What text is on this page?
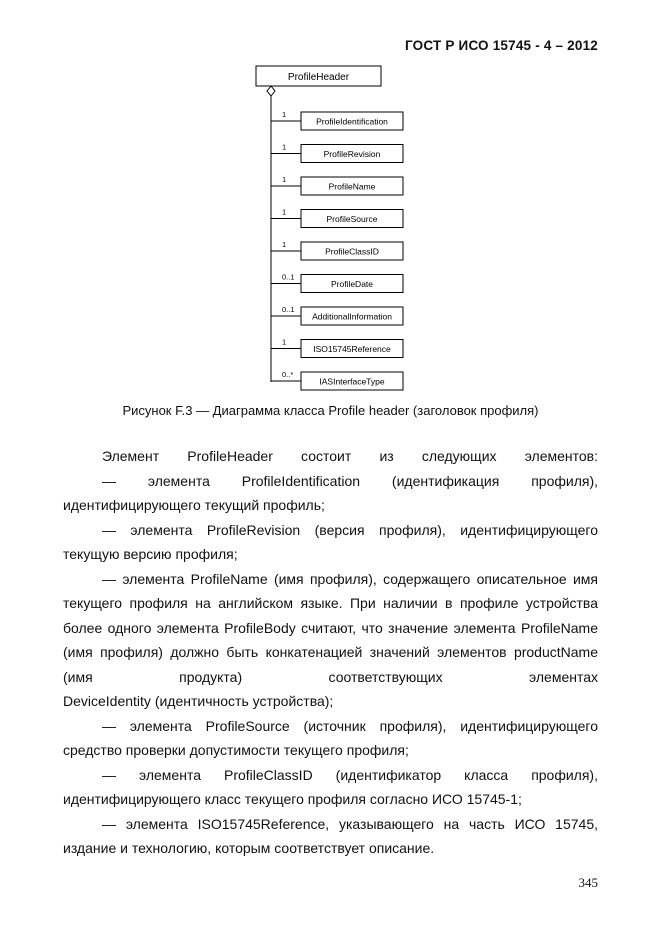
ГОСТ Р ИСО 15745 - 4 – 2012
ProfileHeader
1
ProfileIdentification
1
ProfileRevision
1
ProfileName
1
ProfileSource
1
ProfileClassID
0..1
ProfileDate
0..1
AdditionalInformation
1
ISO15745Reference
0..*
IASInterfaceType
Рисунок F.3 — Диаграмма класса Profile header (заголовок профиля)

Элемент ProfileHeader состоит из следующих элементов:

— элемента ProfileIdentification (идентификация профиля),

идентифицирующего текущий профиль;

— элемента ProfileRevision (версия профиля), идентифицирующего

текущую версию профиля;

— элемента ProfileName (имя профиля), содержащего описательное имя текущего профиля на английском языке. При наличии в профиле устройства более одного элемента ProfileBody считают, что значение элемента ProfileName (имя профиля) должно быть конкатенацией значений элементов productName (имя продукта) соответствующих элементах

DeviceIdentity (идентичность устройства);

— элемента ProfileSource (источник профиля), идентифицирующего

средство проверки допустимости текущего профиля;

— элемента ProfileClassID (идентификатор класса профиля),

идентифицирующего класс текущего профиля согласно ИСО 15745-1;

— элемента ISO15745Reference, указывающего на часть ИСО 15745,

издание и технологию, которым соответствует описание.

345
